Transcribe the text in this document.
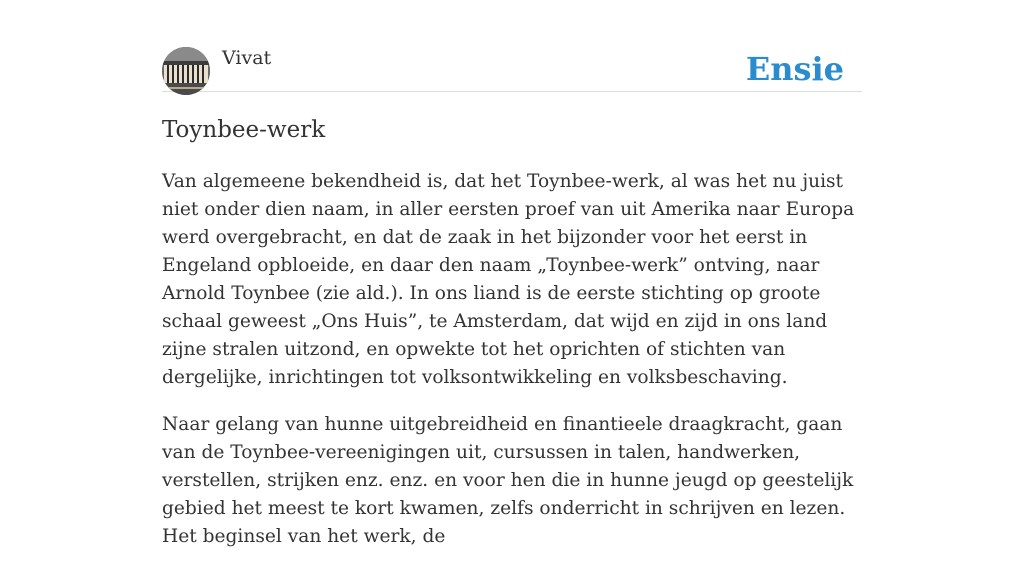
Vivat	Ensie
Toynbee-werk

Van algemeene bekendheid is, dat het Toynbee-werk, al was het nu juist niet onder dien naam, in aller eersten proef van uit Amerika naar Europa werd overgebracht, en dat de zaak in het bijzonder voor het eerst in Engeland opbloeide, en daar den naam „Toynbee-werk” ontving, naar Arnold Toynbee (zie ald.). In ons liand is de eerste stichting op groote schaal geweest „Ons Huis”, te Amsterdam, dat wijd en zijd in ons land zijne stralen uitzond, en opwekte tot het oprichten of stichten van dergelijke, inrichtingen tot volksontwikkeling en volksbeschaving.

Naar gelang van hunne uitgebreidheid en finantieele draagkracht, gaan van de Toynbee-vereenigingen uit, cursussen in talen, handwerken, verstellen, strijken enz. enz. en voor hen die in hunne jeugd op geestelijk gebied het meest te kort kwamen, zelfs onderricht in schrijven en lezen. Het beginsel van het werk, de
